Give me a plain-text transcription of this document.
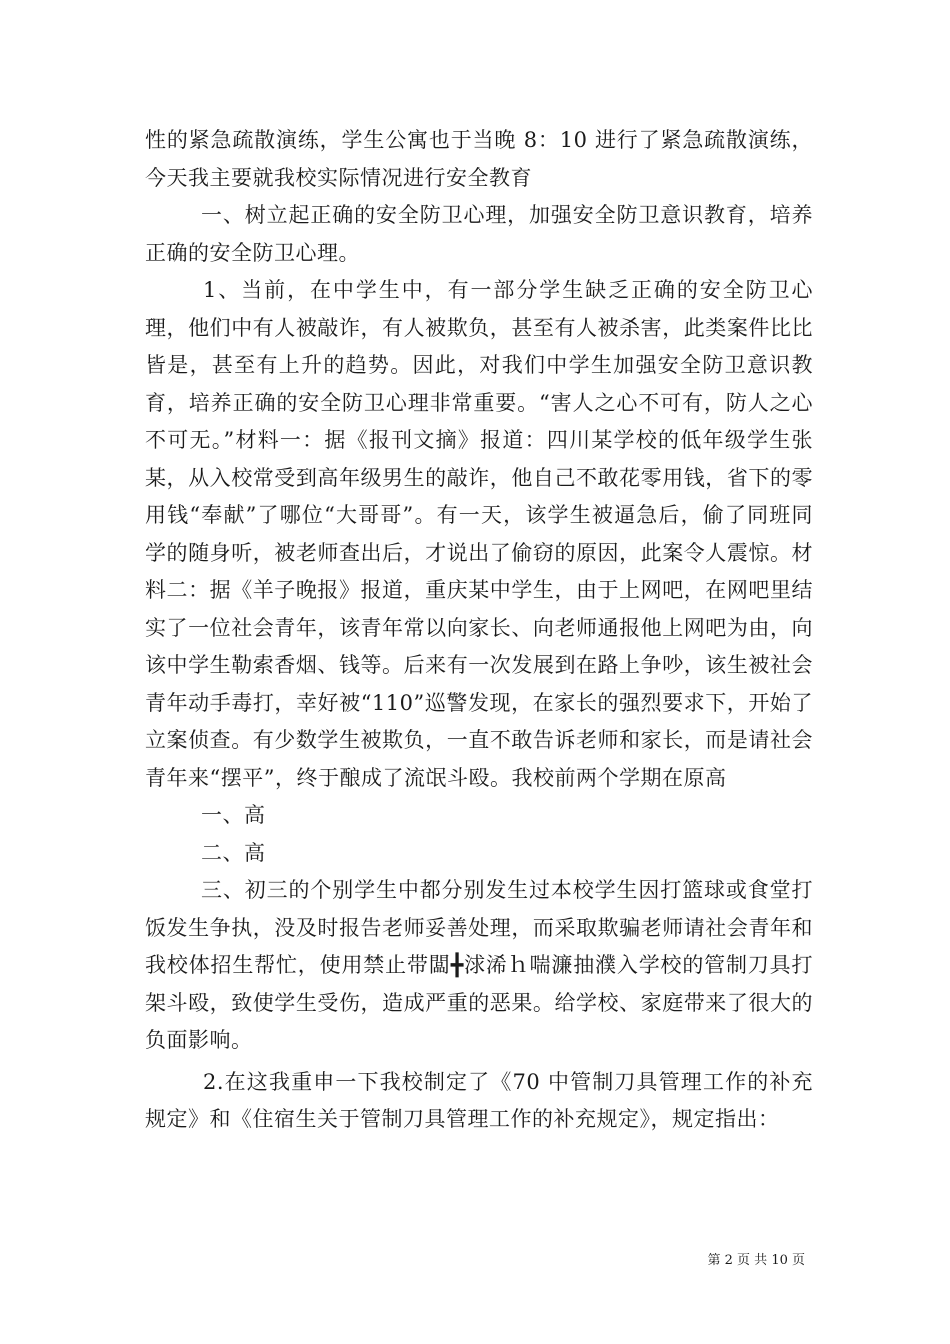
性的紧急疏散演练，学生公寓也于当晚 8：10 进行了紧急疏散演练，今天我主要就我校实际情况进行安全教育

一、树立起正确的安全防卫心理，加强安全防卫意识教育，培养正确的安全防卫心理。

1、当前，在中学生中，有一部分学生缺乏正确的安全防卫心理，他们中有人被敲诈，有人被欺负，甚至有人被杀害，此类案件比比皆是，甚至有上升的趋势。因此，对我们中学生加强安全防卫意识教育，培养正确的安全防卫心理非常重要。“害人之心不可有，防人之心不可无。”材料一：据《报刊文摘》报道：四川某学校的低年级学生张某，从入校常受到高年级男生的敲诈，他自己不敢花零用钱，省下的零用钱“奉献”了哪位“大哥哥”。有一天，该学生被逼急后，偷了同班同学的随身听，被老师查出后，才说出了偷窃的原因，此案令人震惊。材料二：据《羊子晚报》报道，重庆某中学生，由于上网吧，在网吧里结实了一位社会青年，该青年常以向家长、向老师通报他上网吧为由，向该中学生勒索香烟、钱等。后来有一次发展到在路上争吵，该生被社会青年动手毒打，幸好被“110”巡警发现，在家长的强烈要求下，开始了立案侦查。有少数学生被欺负，一直不敢告诉老师和家长，而是请社会青年来“摆平”，终于酿成了流氓斗殴。我校前两个学期在原高

一、高

二、高

三、初三的个别学生中都分别发生过本校学生因打篮球或食堂打饭发生争执，没及时报告老师妥善处理，而采取欺骗老师请社会青年和我校体招生帮忙，使用禁止带闆╋浗浠ｈ喘濂抽濮入学校的管制刀具打架斗殴，致使学生受伤，造成严重的恶果。给学校、家庭带来了很大的负面影响。

2.在这我重申一下我校制定了《70 中管制刀具管理工作的补充规定》和《住宿生关于管制刀具管理工作的补充规定》，规定指出：

第 2 页 共 10 页
